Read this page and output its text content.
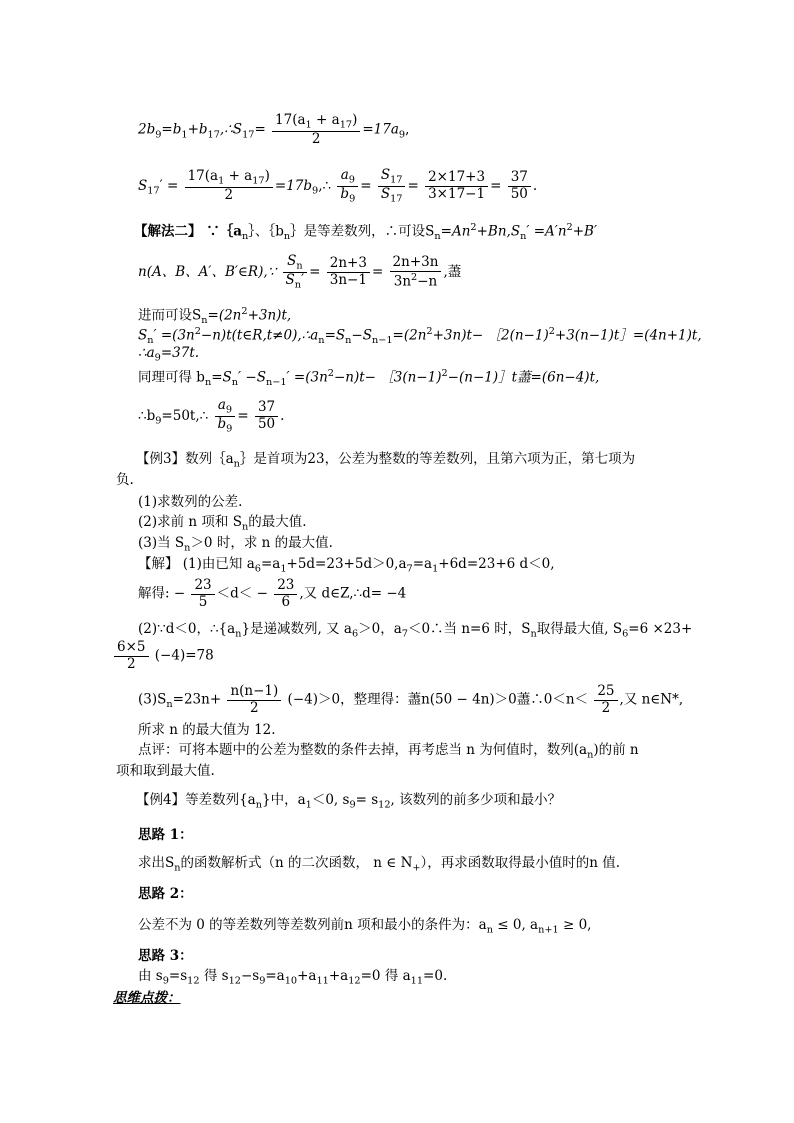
$2b_9=b_1+b_{17},\therefore S_{17}= \frac{17(a_1 + a_{17})}{2} =17a_9$,
$S_{17}' = \frac{17(a_1 + a_{17})}{2}$ $=17b_9,\therefore \frac{a_9}{b_9} = \frac{S_{17}}{S_{17}} = \frac{2\times 17+3}{3\times 17-1} = \frac{37}{50}$ .
【解法二】 $\because\{a_n\}$、$\{b_n\}$是等差数列，∴可设$S_n=An^2+Bn,S_n' =A'n^2+B'$
n(A、B、A′、B′∈R),∵ $\frac{S_n}{S_n'} = \frac{2n+3}{3n-1} = \frac{2n+3n}{3n^2-n}$ ,藎
进而可设$S_n=(2n^2+3n)t$,
$S_n'$ $=(3n^2-n)t(t\in R,t\ne 0),\therefore a_n=S_n-S_{n-1}=(2n^2+3n)t-$ $[2(n-1)^2+3(n-1)t]=(4n+1)t$,
$\therefore a_9=37t$.
同理可得 $b_n=S_n' -S_{n-1}' =(3n^2-n)t-$ $[3(n-1)^2-(n-1)]t$藎=(6n−4)t,
$\therefore b_9=50t,\therefore \frac{a_9}{b_9} = \frac{37}{50}$ .
【例3】数列$\{a_n\}$是首项为23，公差为整数的等差数列，且第六项为正，第七项为
负.
(1)求数列的公差.
(2)求前 n 项和 $S_n$的最大值.
(3)当 $S_n>0$ 时，求 n 的最大值.
【解】 (1)由已知 $a_6=a_1+5d=23+5d>0,a_7=a_1+6d=23+6$ d＜0,
解得: − $\frac{23}{5} <d< - \frac{23}{6}$ ,又 d∈Z,∴d= −4
(2)∵d＜0，$\therefore\{a_n\}$是递减数列, 又 $a_6>0$，$a_7<0\therefore$当 n=6 时，$S_n$取得最大值, $S_6=6 \times 23+$
$\frac{6\times 5}{2} (-4)=78$
$(3)S_n=23n+ \frac{n(n-1)}{2} (-4)>0$，整理得：藎n(50 − 4n)＞0藎∴0＜n＜ $\frac{25}{2}$ ,又 n∈N*,
所求 n 的最大值为 12.
点评：可将本题中的公差为整数的条件去掉，再考虑当 n 为何值时，数列$(a_n)$的前 n
项和取到最大值.
【例4】等差数列$\{a_n\}$中，$a_1<0$, $s_9= s_{12}$, 该数列的前多少项和最小？
思路 1：
求出$S_n$的函数解析式（n 的二次函数， n ∈ $N_+$），再求函数取得最小值时的n 值.
思路 2：
公差不为 0 的等差数列等差数列前n 项和最小的条件为：$a_n \le 0$, $a_{n+1} \ge 0$,
思路 3：
由 $s_9=s_{12}$ 得 $s_{12}-s_9=a_{10}+a_{11}+a_{12}=0$ 得 $a_{11}=0$.
思维点拨：
